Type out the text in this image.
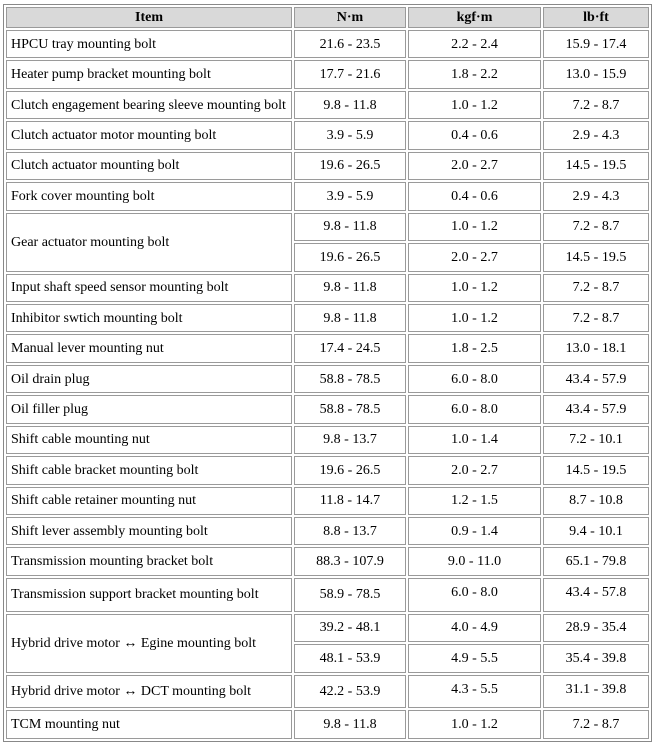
Item	N·m	kgf·m	lb·ft
HPCU tray mounting bolt	21.6 - 23.5	2.2 - 2.4	15.9 - 17.4
Heater pump bracket mounting bolt	17.7 - 21.6	1.8 - 2.2	13.0 - 15.9
Clutch engagement bearing sleeve mounting bolt	9.8 - 11.8	1.0 - 1.2	7.2 - 8.7
Clutch actuator motor mounting bolt	3.9 - 5.9	0.4 - 0.6	2.9 - 4.3
Clutch actuator mounting bolt	19.6 - 26.5	2.0 - 2.7	14.5 - 19.5
Fork cover mounting bolt	3.9 - 5.9	0.4 - 0.6	2.9 - 4.3
Gear actuator mounting bolt	9.8 - 11.8	1.0 - 1.2	7.2 - 8.7
	19.6 - 26.5	2.0 - 2.7	14.5 - 19.5
Input shaft speed sensor mounting bolt	9.8 - 11.8	1.0 - 1.2	7.2 - 8.7
Inhibitor swtich mounting bolt	9.8 - 11.8	1.0 - 1.2	7.2 - 8.7
Manual lever mounting nut	17.4 - 24.5	1.8 - 2.5	13.0 - 18.1
Oil drain plug	58.8 - 78.5	6.0 - 8.0	43.4 - 57.9
Oil filler plug	58.8 - 78.5	6.0 - 8.0	43.4 - 57.9
Shift cable mounting nut	9.8 - 13.7	1.0 - 1.4	7.2 - 10.1
Shift cable bracket mounting bolt	19.6 - 26.5	2.0 - 2.7	14.5 - 19.5
Shift cable retainer mounting nut	11.8 - 14.7	1.2 - 1.5	8.7 - 10.8
Shift lever assembly mounting bolt	8.8 - 13.7	0.9 - 1.4	9.4 - 10.1
Transmission mounting bracket bolt	88.3 - 107.9	9.0 - 11.0	65.1 - 79.8
Transmission support bracket mounting bolt	58.9 - 78.5	6.0 - 8.0	43.4 - 57.8
Hybrid drive motor ↔ Egine mounting bolt	39.2 - 48.1	4.0 - 4.9	28.9 - 35.4
	48.1 - 53.9	4.9 - 5.5	35.4 - 39.8
Hybrid drive motor ↔ DCT mounting bolt	42.2 - 53.9	4.3 - 5.5	31.1 - 39.8
TCM mounting nut	9.8 - 11.8	1.0 - 1.2	7.2 - 8.7
